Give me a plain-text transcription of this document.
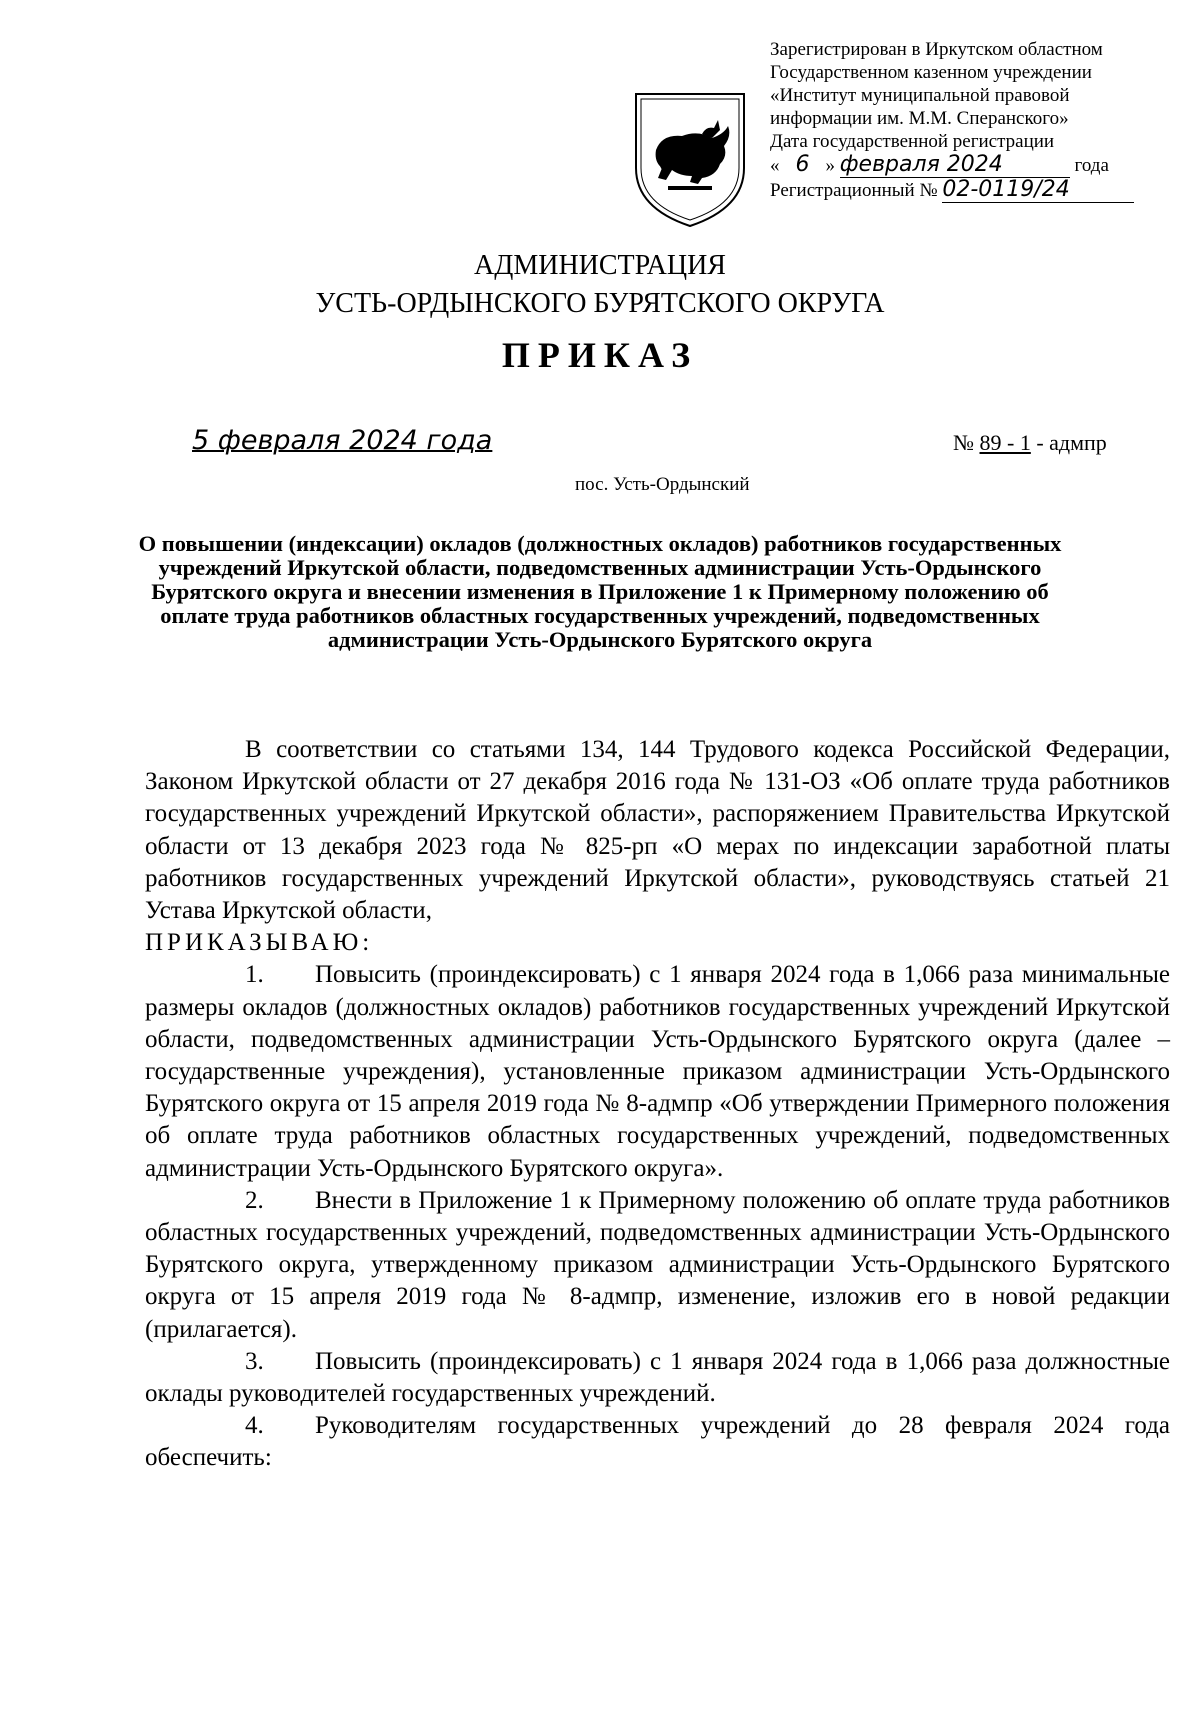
Зарегистрирован в Иркутском областном
Государственном казенном учреждении
«Институт муниципальной правовой
информации им. М.М. Сперанского»
Дата государственной регистрации
« 6 » февраля 2024	года
Регистрационный № 02-0119/24
АДМИНИСТРАЦИЯ
УСТЬ-ОРДЫНСКОГО БУРЯТСКОГО ОКРУГА
ПРИКАЗ
5 февраля 2024 года	№ 89 - 1 - адмпр
пос. Усть-Ордынский
О повышении (индексации) окладов (должностных окладов) работников государственных учреждений Иркутской области, подведомственных администрации Усть-Ордынского Бурятского округа и внесении изменения в Приложение 1 к Примерному положению об оплате труда работников областных государственных учреждений, подведомственных администрации Усть-Ордынского Бурятского округа

В соответствии со статьями 134, 144 Трудового кодекса Российской Федерации, Законом Иркутской области от 27 декабря 2016 года № 131-ОЗ «Об оплате труда работников государственных учреждений Иркутской области», распоряжением Правительства Иркутской области от 13 декабря 2023 года № 825-рп «О мерах по индексации заработной платы работников государственных учреждений Иркутской области», руководствуясь статьей 21 Устава Иркутской области,

ПРИКАЗЫВАЮ:

1. Повысить (проиндексировать) с 1 января 2024 года в 1,066 раза минимальные размеры окладов (должностных окладов) работников государственных учреждений Иркутской области, подведомственных администрации Усть-Ордынского Бурятского округа (далее – государственные учреждения), установленные приказом администрации Усть-Ордынского Бурятского округа от 15 апреля 2019 года № 8-адмпр «Об утверждении Примерного положения об оплате труда работников областных государственных учреждений, подведомственных администрации Усть-Ордынского Бурятского округа».

2. Внести в Приложение 1 к Примерному положению об оплате труда работников областных государственных учреждений, подведомственных администрации Усть-Ордынского Бурятского округа, утвержденному приказом администрации Усть-Ордынского Бурятского округа от 15 апреля 2019 года № 8-адмпр, изменение, изложив его в новой редакции (прилагается).

3. Повысить (проиндексировать) с 1 января 2024 года в 1,066 раза должностные оклады руководителей государственных учреждений.

4. Руководителям государственных учреждений до 28 февраля 2024 года обеспечить:
